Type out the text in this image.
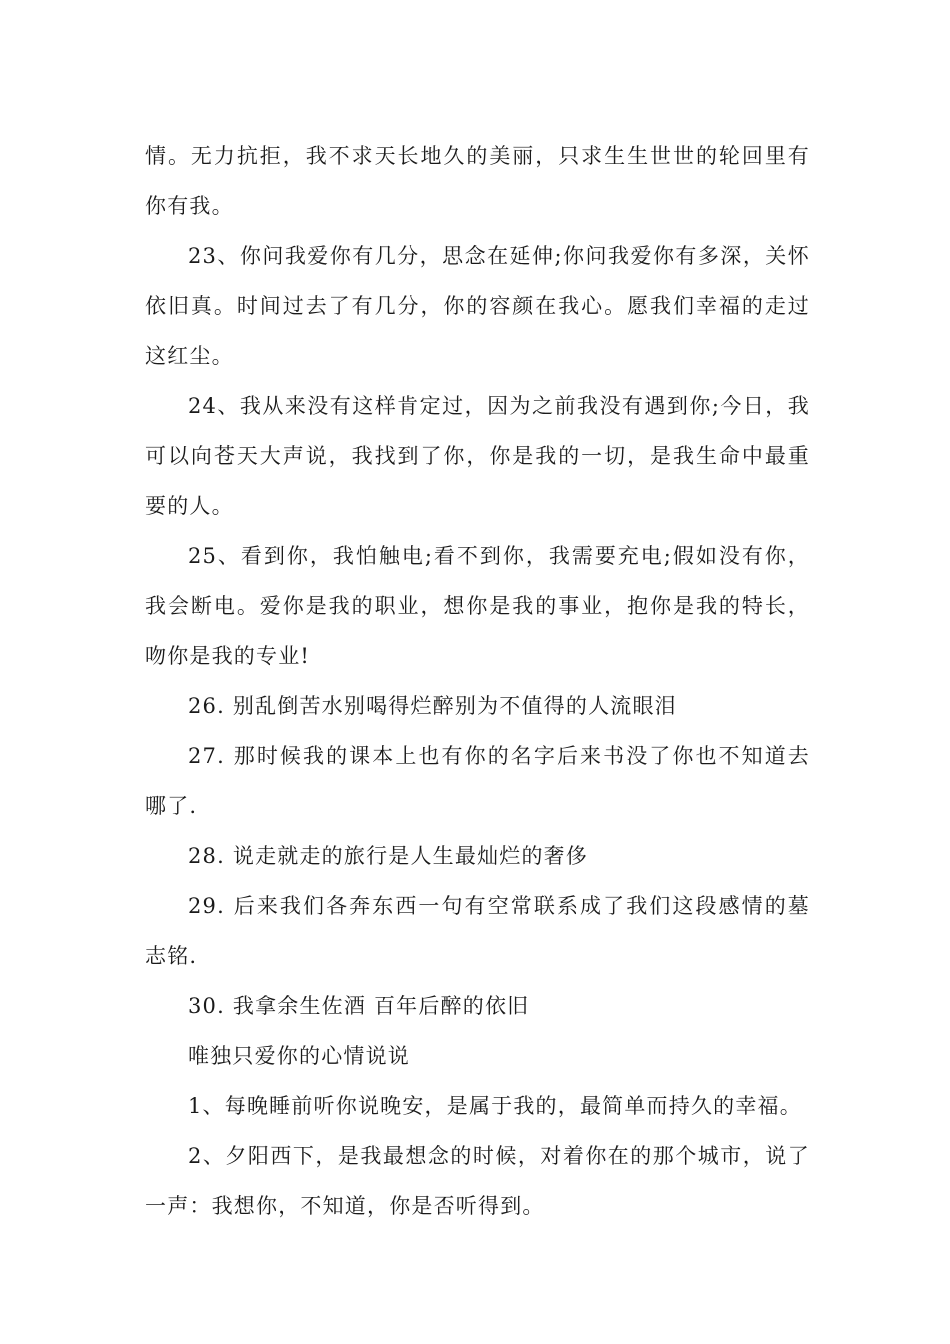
情。无力抗拒，我不求天长地久的美丽，只求生生世世的轮回里有你有我。

23、你问我爱你有几分，思念在延伸;你问我爱你有多深，关怀依旧真。时间过去了有几分，你的容颜在我心。愿我们幸福的走过这红尘。

24、我从来没有这样肯定过，因为之前我没有遇到你;今日，我可以向苍天大声说，我找到了你，你是我的一切，是我生命中最重要的人。

25、看到你，我怕触电;看不到你，我需要充电;假如没有你，我会断电。爱你是我的职业，想你是我的事业，抱你是我的特长，吻你是我的专业!

26. 别乱倒苦水别喝得烂醉别为不值得的人流眼泪

27. 那时候我的课本上也有你的名字后来书没了你也不知道去哪了.

28. 说走就走的旅行是人生最灿烂的奢侈

29. 后来我们各奔东西一句有空常联系成了我们这段感情的墓志铭.

30. 我拿余生佐酒 百年后醉的依旧

唯独只爱你的心情说说

1、每晚睡前听你说晚安，是属于我的，最简单而持久的幸福。

2、夕阳西下，是我最想念的时候，对着你在的那个城市，说了一声：我想你，不知道，你是否听得到。
